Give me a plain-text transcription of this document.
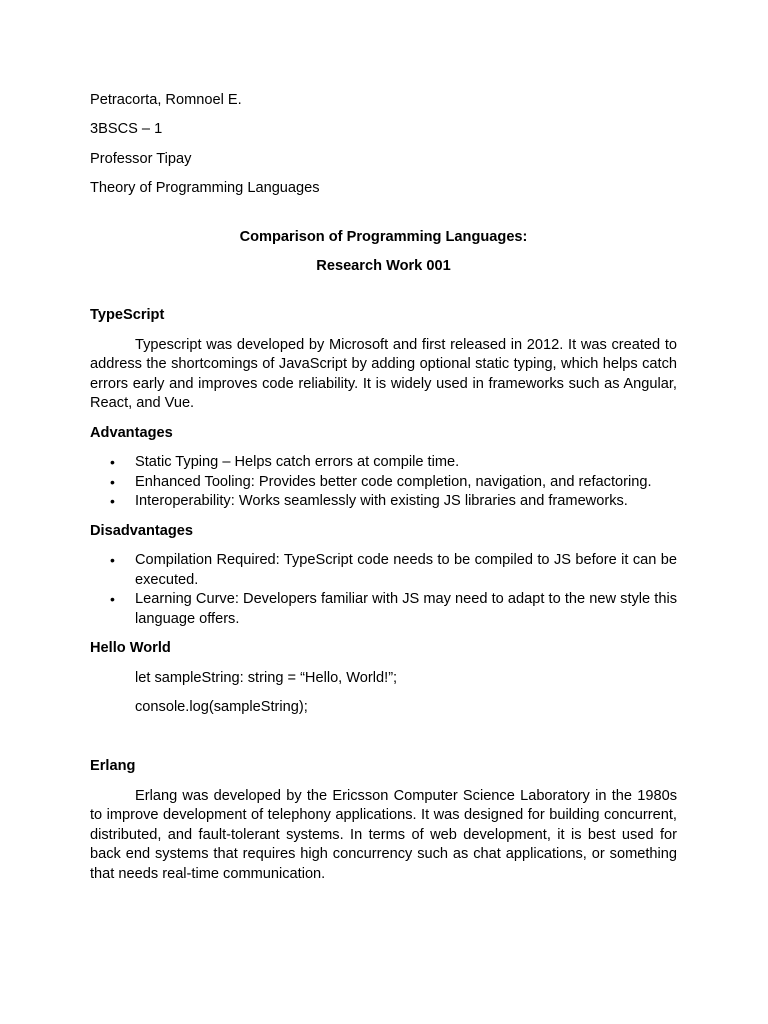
Petracorta, Romnoel E.

3BSCS – 1

Professor Tipay

Theory of Programming Languages

Comparison of Programming Languages:

Research Work 001

TypeScript

Typescript was developed by Microsoft and first released in 2012. It was created to address the shortcomings of JavaScript by adding optional static typing, which helps catch errors early and improves code reliability. It is widely used in frameworks such as Angular, React, and Vue.

Advantages

• Static Typing – Helps catch errors at compile time.
• Enhanced Tooling: Provides better code completion, navigation, and refactoring.
• Interoperability: Works seamlessly with existing JS libraries and frameworks.

Disadvantages

• Compilation Required: TypeScript code needs to be compiled to JS before it can be executed.
• Learning Curve: Developers familiar with JS may need to adapt to the new style this language offers.

Hello World

let sampleString: string = “Hello, World!”;

console.log(sampleString);

Erlang

Erlang was developed by the Ericsson Computer Science Laboratory in the 1980s to improve development of telephony applications. It was designed for building concurrent, distributed, and fault-tolerant systems. In terms of web development, it is best used for back end systems that requires high concurrency such as chat applications, or something that needs real-time communication.
